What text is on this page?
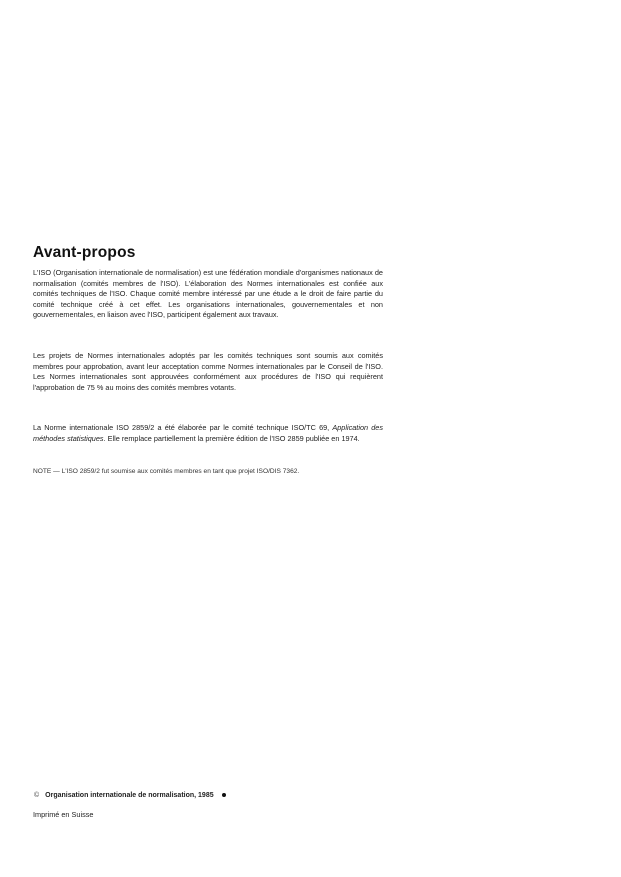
Avant-propos

L'ISO (Organisation internationale de normalisation) est une fédération mondiale d'organismes nationaux de normalisation (comités membres de l'ISO). L'élaboration des Normes internationales est confiée aux comités techniques de l'ISO. Chaque comité membre intéressé par une étude a le droit de faire partie du comité technique créé à cet effet. Les organisations internationales, gouvernementales et non gouvernementales, en liaison avec l'ISO, participent également aux travaux.

Les projets de Normes internationales adoptés par les comités techniques sont soumis aux comités membres pour approbation, avant leur acceptation comme Normes internationales par le Conseil de l'ISO. Les Normes internationales sont approuvées conformément aux procédures de l'ISO qui requièrent l'approbation de 75 % au moins des comités membres votants.

La Norme internationale ISO 2859/2 a été élaborée par le comité technique ISO/TC 69, Application des méthodes statistiques. Elle remplace partiellement la première édition de l'ISO 2859 publiée en 1974.

NOTE — L'ISO 2859/2 fut soumise aux comités membres en tant que projet ISO/DIS 7362.
© Organisation internationale de normalisation, 1985
Imprimé en Suisse
